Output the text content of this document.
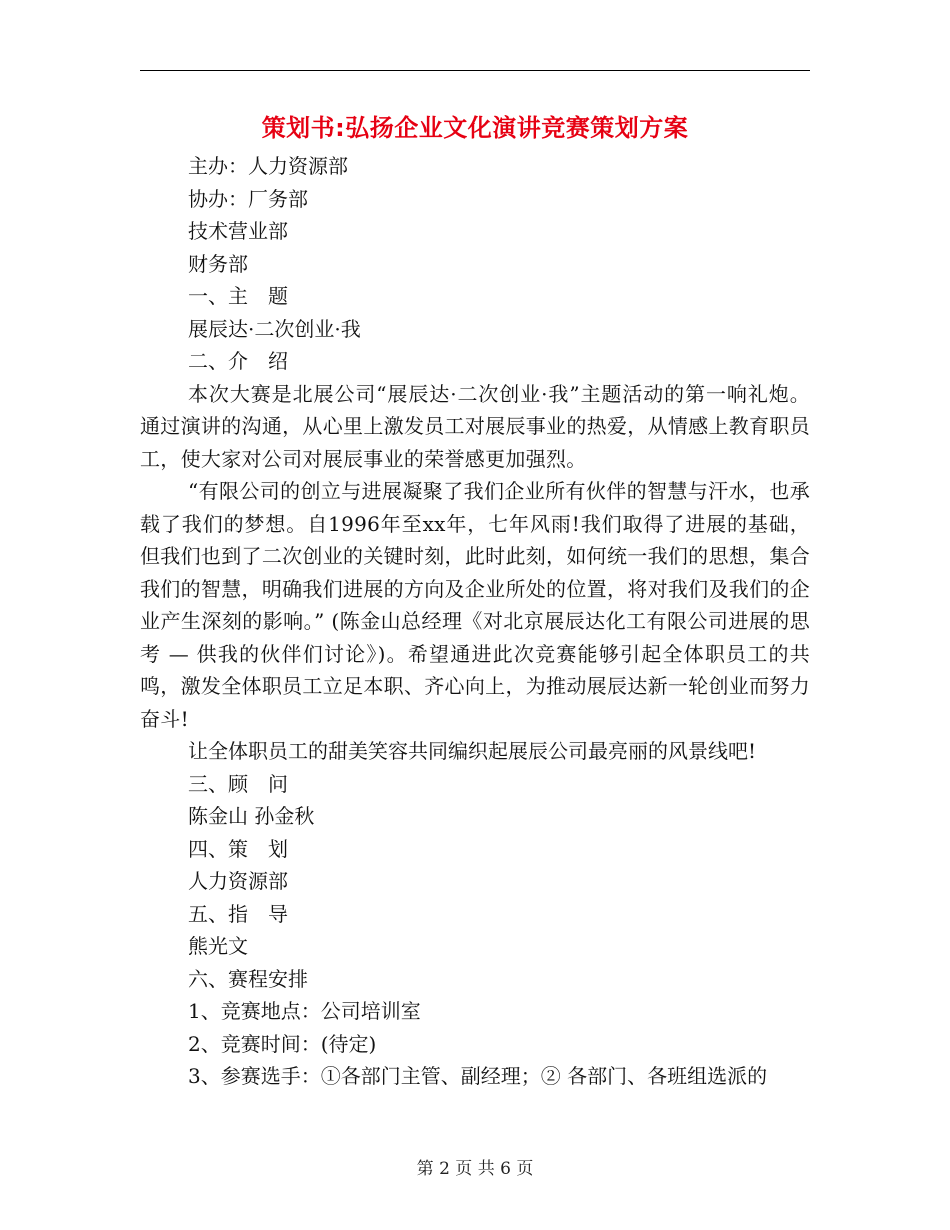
策划书:弘扬企业文化演讲竞赛策划方案
主办：人力资源部
协办：厂务部
技术营业部
财务部
一、主　题
展辰达·二次创业·我
二、介　绍
本次大赛是北展公司“展辰达·二次创业·我”主题活动的第一响礼炮。通过演讲的沟通，从心里上激发员工对展辰事业的热爱，从情感上教育职员工，使大家对公司对展辰事业的荣誉感更加强烈。
“有限公司的创立与进展凝聚了我们企业所有伙伴的智慧与汗水，也承载了我们的梦想。自1996年至xx年，七年风雨!我们取得了进展的基础，但我们也到了二次创业的关键时刻，此时此刻，如何统一我们的思想，集合我们的智慧，明确我们进展的方向及企业所处的位置，将对我们及我们的企业产生深刻的影响。” (陈金山总经理《对北京展辰达化工有限公司进展的思考 — 供我的伙伴们讨论》)。希望通进此次竞赛能够引起全体职员工的共鸣，激发全体职员工立足本职、齐心向上，为推动展辰达新一轮创业而努力奋斗!
让全体职员工的甜美笑容共同编织起展辰公司最亮丽的风景线吧!
三、顾　问
陈金山 孙金秋
四、策　划
人力资源部
五、指　导
熊光文
六、赛程安排
1、竞赛地点：公司培训室
2、竞赛时间：(待定)
3、参赛选手：①各部门主管、副经理；② 各部门、各班组选派的
第 2 页 共 6 页
